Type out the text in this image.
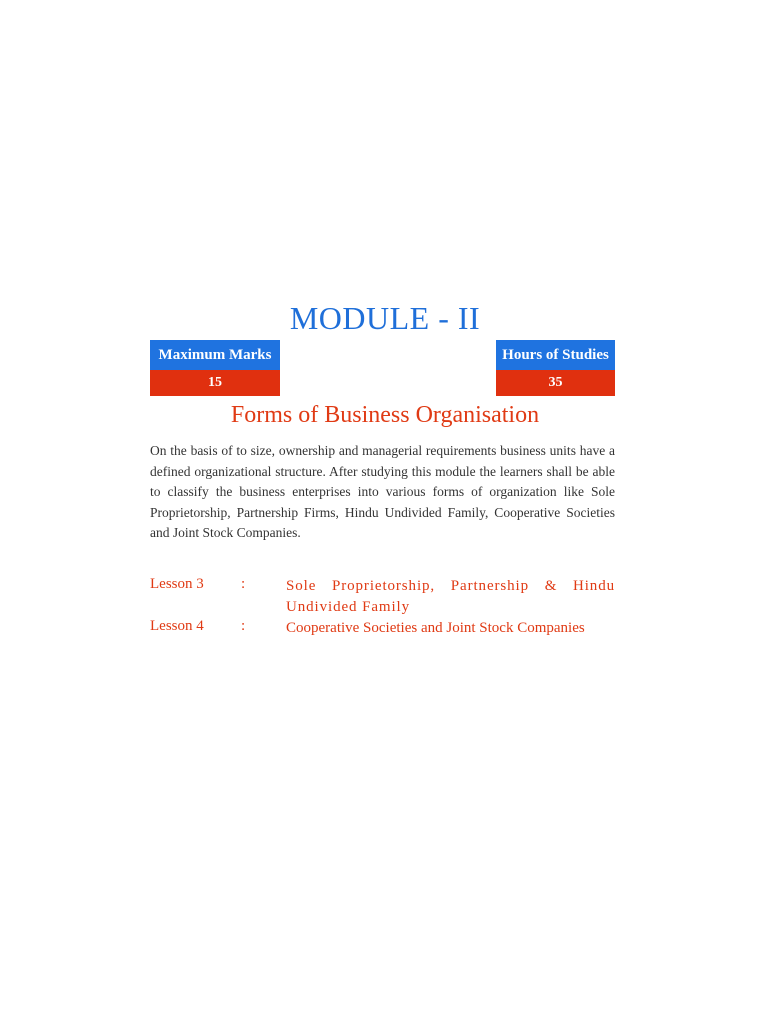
MODULE - II
Maximum Marks
15
Hours of Studies
35
Forms of Business Organisation
On the basis of to size, ownership and managerial requirements business units have a defined organizational structure. After studying this module the learners shall be able to classify the business enterprises into various forms of organization like Sole Proprietorship, Partnership Firms, Hindu Undivided Family, Cooperative Societies and Joint Stock Companies.
Lesson 3 :	Sole Proprietorship, Partnership & Hindu Undivided Family
Lesson 4 :	Cooperative Societies and Joint Stock Companies
